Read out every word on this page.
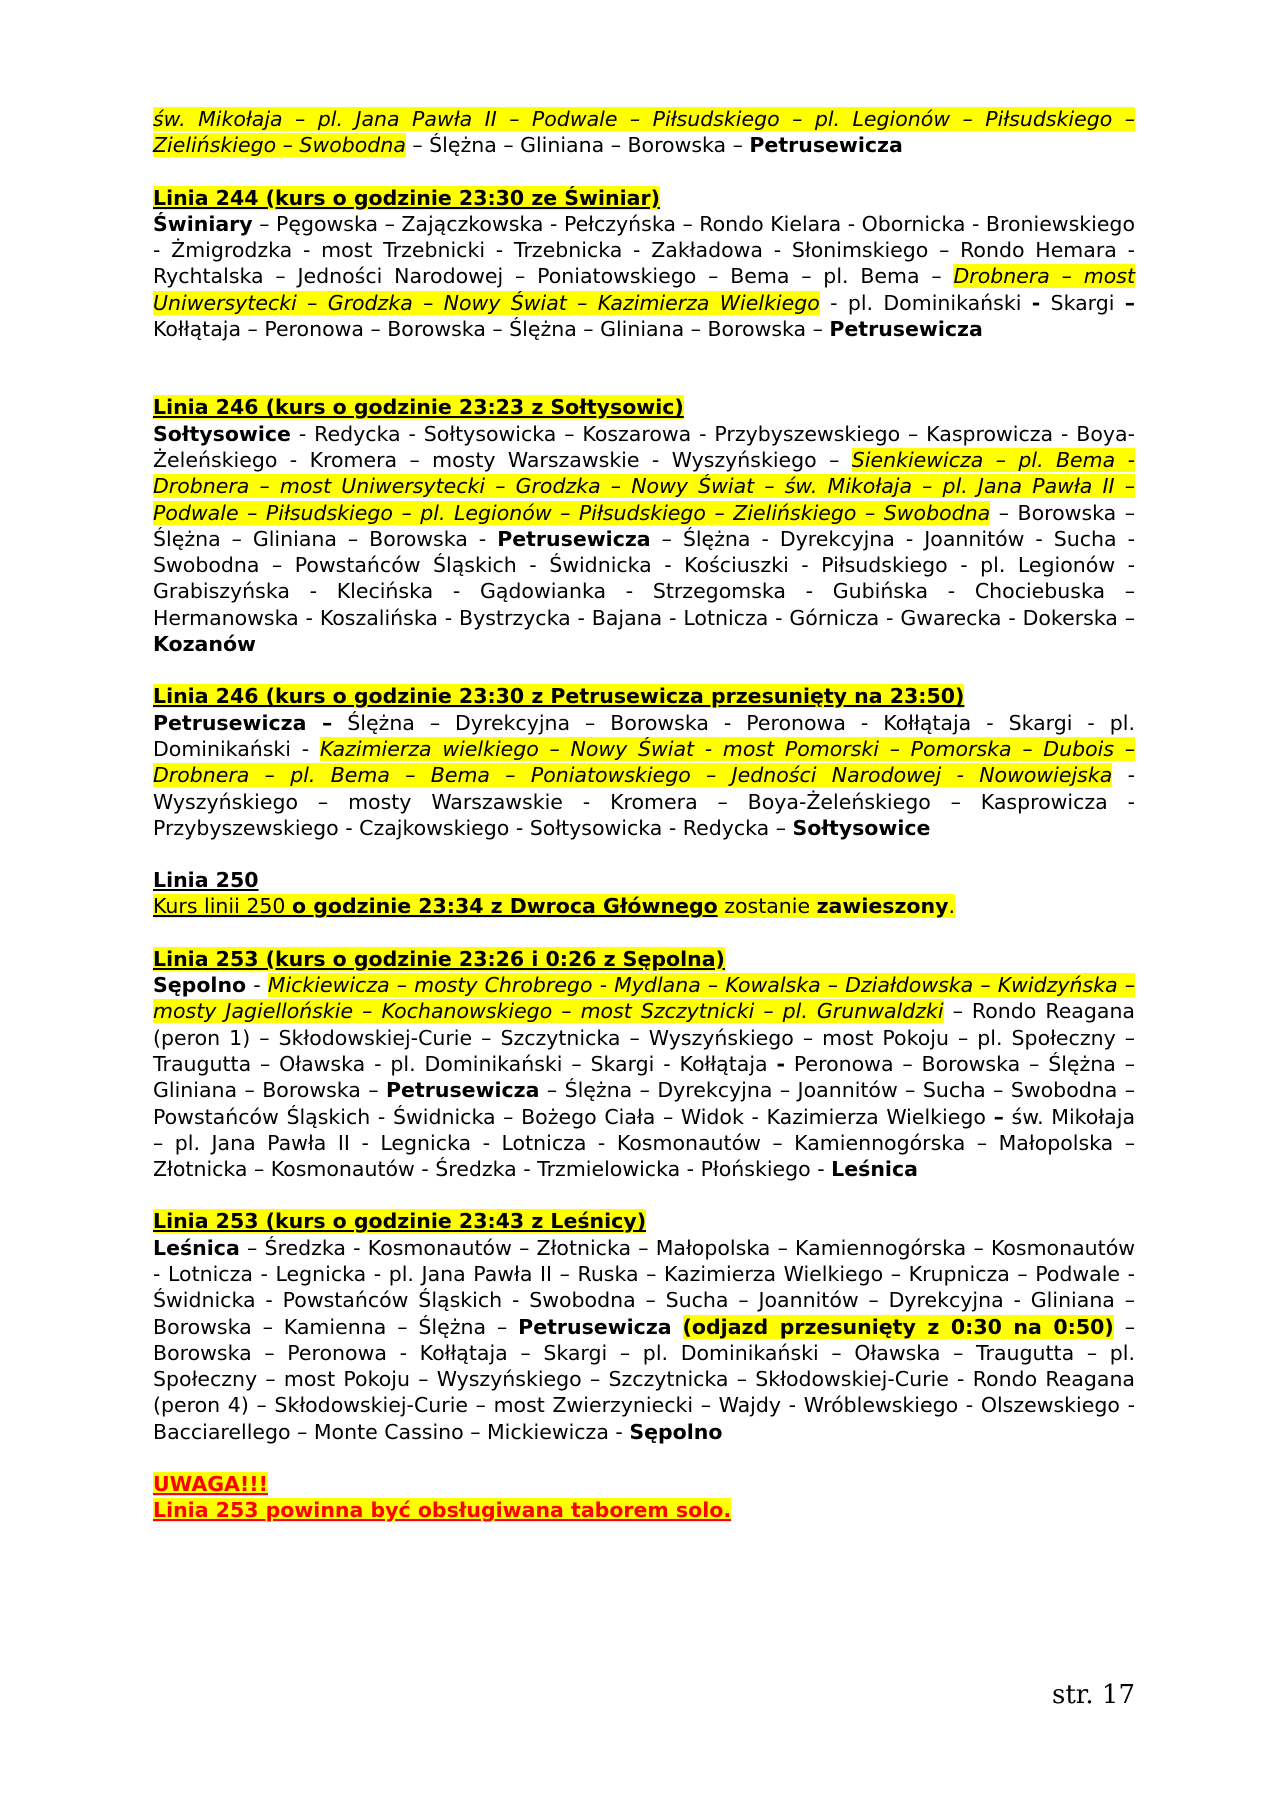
św. Mikołaja – pl. Jana Pawła II – Podwale – Piłsudskiego – pl. Legionów – Piłsudskiego – Zielińskiego – Swobodna – Ślężna – Gliniana – Borowska – Petrusewicza
Linia 244 (kurs o godzinie 23:30 ze Świniar)
Świniary – Pęgowska – Zajączkowska - Pełczyńska – Rondo Kielara - Obornicka - Broniewskiego - Żmigrodzka - most Trzebnicki - Trzebnicka - Zakładowa - Słonimskiego – Rondo Hemara - Rychtalska – Jedności Narodowej – Poniatowskiego – Bema – pl. Bema – Drobnera – most Uniwersytecki – Grodzka – Nowy Świat – Kazimierza Wielkiego - pl. Dominikański - Skargi – Kołłątaja – Peronowa – Borowska – Ślężna – Gliniana – Borowska – Petrusewicza
Linia 246 (kurs o godzinie 23:23 z Sołtysowic)
Sołtysowice - Redycka - Sołtysowicka – Koszarowa - Przybyszewskiego – Kasprowicza - Boya-Żeleńskiego - Kromera – mosty Warszawskie - Wyszyńskiego – Sienkiewicza – pl. Bema - Drobnera – most Uniwersytecki – Grodzka – Nowy Świat – św. Mikołaja – pl. Jana Pawła II – Podwale – Piłsudskiego – pl. Legionów – Piłsudskiego – Zielińskiego – Swobodna – Borowska – Ślężna – Gliniana – Borowska - Petrusewicza – Ślężna - Dyrekcyjna - Joannitów - Sucha - Swobodna – Powstańców Śląskich - Świdnicka - Kościuszki - Piłsudskiego - pl. Legionów - Grabiszyńska - Klecińska - Gądowianka - Strzegomska - Gubińska - Chociebuska – Hermanowska - Koszalińska - Bystrzycka - Bajana - Lotnicza - Górnicza - Gwarecka - Dokerska – Kozanów
Linia 246 (kurs o godzinie 23:30 z Petrusewicza przesunięty na 23:50)
Petrusewicza – Ślężna – Dyrekcyjna – Borowska - Peronowa - Kołłątaja - Skargi - pl. Dominikański - Kazimierza wielkiego – Nowy Świat - most Pomorski – Pomorska – Dubois – Drobnera – pl. Bema – Bema – Poniatowskiego – Jedności Narodowej - Nowowiejska - Wyszyńskiego – mosty Warszawskie - Kromera – Boya-Żeleńskiego – Kasprowicza - Przybyszewskiego - Czajkowskiego - Sołtysowicka - Redycka – Sołtysowice
Linia 250
Kurs linii 250 o godzinie 23:34 z Dwroca Głównego zostanie zawieszony.
Linia 253 (kurs o godzinie 23:26 i 0:26 z Sępolna)
Sępolno - Mickiewicza – mosty Chrobrego - Mydlana – Kowalska – Działdowska – Kwidzyńska – mosty Jagiellońskie – Kochanowskiego – most Szczytnicki – pl. Grunwaldzki – Rondo Reagana (peron 1) – Skłodowskiej-Curie – Szczytnicka – Wyszyńskiego – most Pokoju – pl. Społeczny – Traugutta – Oławska - pl. Dominikański – Skargi - Kołłątaja - Peronowa – Borowska – Ślężna – Gliniana – Borowska – Petrusewicza – Ślężna – Dyrekcyjna – Joannitów – Sucha – Swobodna – Powstańców Śląskich - Świdnicka – Bożego Ciała – Widok - Kazimierza Wielkiego – św. Mikołaja – pl. Jana Pawła II - Legnicka - Lotnicza - Kosmonautów – Kamiennogórska – Małopolska – Złotnicka – Kosmonautów - Średzka - Trzmielowicka - Płońskiego - Leśnica
Linia 253 (kurs o godzinie 23:43 z Leśnicy)
Leśnica – Średzka - Kosmonautów – Złotnicka – Małopolska – Kamiennogórska – Kosmonautów - Lotnicza - Legnicka - pl. Jana Pawła II – Ruska – Kazimierza Wielkiego – Krupnicza – Podwale - Świdnicka - Powstańców Śląskich - Swobodna – Sucha – Joannitów – Dyrekcyjna - Gliniana – Borowska – Kamienna – Ślężna – Petrusewicza (odjazd przesunięty z 0:30 na 0:50) – Borowska – Peronowa - Kołłątaja – Skargi – pl. Dominikański – Oławska – Traugutta – pl. Społeczny – most Pokoju – Wyszyńskiego – Szczytnicka – Skłodowskiej-Curie - Rondo Reagana (peron 4) – Skłodowskiej-Curie – most Zwierzyniecki – Wajdy - Wróblewskiego - Olszewskiego - Bacciarellego – Monte Cassino – Mickiewicza - Sępolno
UWAGA!!!
Linia 253 powinna być obsługiwana taborem solo.
str. 17
